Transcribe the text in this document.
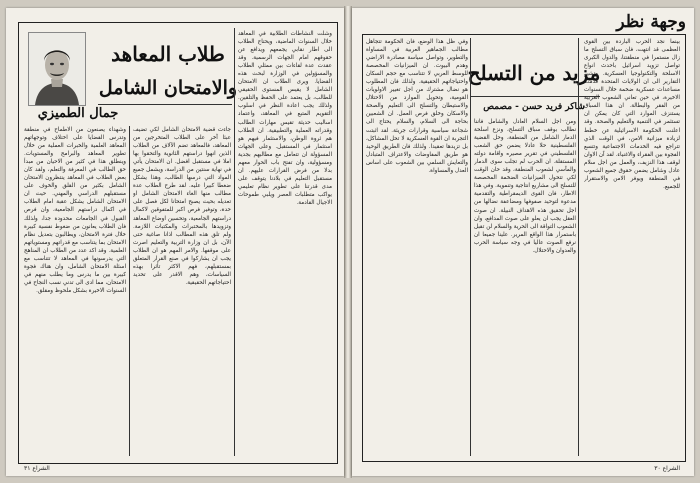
طلاب المعاهد
والامتحان الشامل
جمال الطميزي

وشهداء يصنعون من الاطماح في منطقة وتدرس القضايا على اختلاف وتوجهاتهم المعاهد العلمية والخبرات العملية من خلال تطوير المعاهد والبرامج والمستويات. وينطلق هذا في كثير من الاحيان من مبدأ حق الطالب في المعرفة والتعلم، ولقد كان بعض الطلاب في المعاهد ينتظرون الامتحان الشامل بكثير من القلق والخوف على مستقبلهم الدراسي والمهني. حيث ان الامتحان الشامل يشكل عقبة امام الطلاب في اكمال دراستهم الجامعية، وان فرص القبول في الجامعات محدودة جدا، ولذلك فان الطلاب يعانون من ضغوط نفسية كبيرة خلال فترة الامتحان، ويطالبون بتعديل نظام الامتحان بما يتناسب مع قدراتهم ومستوياتهم العلمية. وقد اكد عدد من الطلاب ان المناهج التي يدرسونها في المعاهد لا تتناسب مع اسئلة الامتحان الشامل، وان هناك فجوة كبيرة بين ما يدرس وما يطلب منهم في الامتحان، مما ادى الى تدني نسب النجاح في السنوات الاخيرة بشكل ملحوظ ومقلق.

جاءت قضية الامتحان الشامل لكي تضيف عبئا آخر على الطلاب المتخرجين من المعاهد، فالمعاهد تضم الآلاف من الطلاب الذين انهوا دراستهم الثانوية والتحقوا بها املا في مستقبل افضل. ان الامتحان يأتي في نهاية سنتين من الدراسة، ويشمل جميع المواد التي درسها الطالب، وهذا يشكل ضغطا كبيرا عليه. لقد طرح الطلاب عدة مطالب منها الغاء الامتحان الشامل او تعديله بحيث يصبح امتحانا لكل فصل على حدة، وتوفير فرص اكبر للمتفوقين لاكمال دراستهم الجامعية، وتحسين اوضاع المعاهد وتزويدها بالمختبرات والمكتبات اللازمة. ولم تلق هذه المطالب اذانا صاغية حتى الآن، بل ان وزارة التربية والتعليم اصرت على موقفها. والامر المهم هو ان الطلاب يجب ان يشاركوا في صنع القرار المتعلق بمستقبلهم، فهم الاكثر تأثرا بهذه السياسات، وهم الاقدر على تحديد احتياجاتهم الحقيقية.

وشلت النشاطات الطلابية في المعاهد خلال السنوات الماضية، ويحتاج الطلاب الى اطار نقابي يجمعهم ويدافع عن حقوقهم امام الجهات الرسمية. وقد عقدت عدة لقاءات بين ممثلي الطلاب والمسؤولين في الوزارة لبحث هذه القضايا. ويرى الطلاب ان الامتحان الشامل لا يقيس المستوى الحقيقي للطالب، بل يعتمد على الحفظ والتلقين. ولذلك يجب اعادة النظر في اسلوب التقويم المتبع في المعاهد، واعتماد اساليب حديثة تقيس مهارات الطالب وقدراته العملية والتطبيقية. ان الطلاب هم ثروة الوطن، والاستثمار فيهم هو استثمار في المستقبل. وعلى الجهات المسؤولة ان تتعامل مع مطالبهم بجدية ومسؤولية، وان تفتح باب الحوار معهم بدلا من فرض القرارات عليهم. ان مستقبل التعليم في بلادنا يتوقف على مدى قدرتنا على تطوير نظام تعليمي يواكب متطلبات العصر ويلبي طموحات الاجيال القادمة.

الشراع ٣١
وجهة نظر
مزيد من التسلح
شاكر فريد حسن - مصمص

بينما نجد الحرب الباردة بين القوى العظمى قد انتهت، فان سباق التسلح ما زال مستمرا في منطقتنا، والدول الكبرى تواصل تزويد اسرائيل باحدث انواع الاسلحة والتكنولوجيا العسكرية. وتشير التقارير الى ان الولايات المتحدة قدمت مساعدات عسكرية ضخمة خلال السنوات الاخيرة، في حين تعاني الشعوب العربية من الفقر والبطالة. ان هذا السباق يستنزف الموارد التي كان يمكن ان تستثمر في التنمية والتعليم والصحة. وقد اعلنت الحكومة الاسرائيلية عن خطط لزيادة ميزانية الامن، في الوقت الذي تتراجع فيه الخدمات الاجتماعية وتتسع الفجوة بين الفقراء والاغنياء. لقد آن الاوان لوقف هذا النزيف، والعمل من اجل سلام عادل وشامل يضمن حقوق جميع الشعوب في المنطقة ويوفر الامن والاستقرار للجميع.

ومن اجل السلام العادل والشامل فاننا نطالب بوقف سباق التسلح، ونزع اسلحة الدمار الشامل من المنطقة، وحل القضية الفلسطينية حلا عادلا يضمن حق الشعب الفلسطيني في تقرير مصيره واقامة دولته المستقلة. ان الحرب لم تجلب سوى الدمار والمآسي لشعوب المنطقة، وقد حان الوقت لكي تتحول الميزانيات الضخمة المخصصة للتسلح الى مشاريع انتاجية وتنموية. وفي هذا الاطار، فان القوى الديمقراطية والتقدمية مدعوة لتوحيد صفوفها ومضاعفة نضالها من اجل تحقيق هذه الاهداف النبيلة. ان صوت العقل يجب ان يعلو على صوت المدافع، وان الشعوب التواقة الى الحرية والسلام لن تقبل باستمرار هذا الواقع المرير. علينا جميعا ان نرفع الصوت عاليا في وجه سياسة الحرب والعدوان والاحتلال.

وفي ظل هذا الوضع، فان الحكومة تتجاهل مطالب الجماهير العربية في المساواة والتطوير، وتواصل سياسة مصادرة الاراضي وهدم البيوت. ان الميزانيات المخصصة للوسط العربي لا تتناسب مع حجم السكان واحتياجاتهم الحقيقية. ولذلك فان المطلوب هو نضال مشترك من اجل تغيير الاولويات القومية، وتحويل الموارد من الاحتلال والاستيطان والتسلح الى التعليم والصحة والاسكان وخلق فرص العمل. ان الشعبين بحاجة الى السلام، والسلام يحتاج الى شجاعة سياسية وقرارات جريئة. لقد اثبتت التجربة ان القوة العسكرية لا تحل المشاكل، بل تزيدها تعقيدا. ولذلك فان الطريق الوحيد هو طريق المفاوضات والاعتراف المتبادل والتعايش السلمي بين الشعوب على اساس العدل والمساواة.

الشراع ٣٠
